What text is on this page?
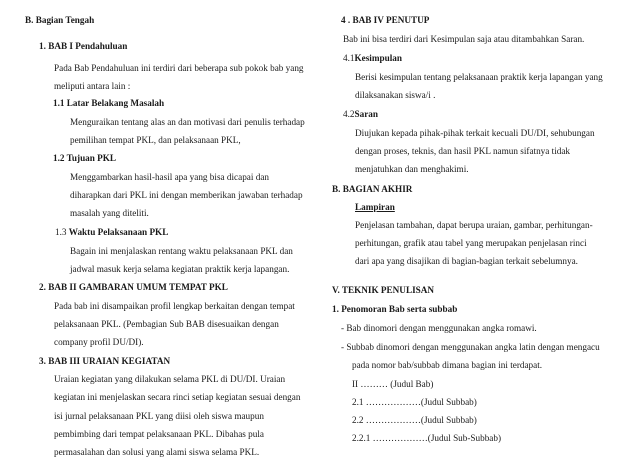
B. Bagian Tengah
1. BAB I Pendahuluan
Pada Bab Pendahuluan ini terdiri dari beberapa sub pokok bab yang
meliputi antara lain :
1.1 Latar Belakang Masalah
Menguraikan tentang alas an dan motivasi dari penulis terhadap
pemilihan tempat PKL, dan pelaksanaan PKL,
1.2 Tujuan PKL
Menggambarkan hasil-hasil apa yang bisa dicapai dan
diharapkan dari PKL ini dengan memberikan jawaban terhadap
masalah yang diteliti.
1.3 Waktu Pelaksanaan PKL
Bagain ini menjalaskan rentang waktu pelaksanaan PKL dan
jadwal masuk kerja selama kegiatan praktik kerja lapangan.
2. BAB II GAMBARAN UMUM TEMPAT PKL
Pada bab ini disampaikan profil lengkap berkaitan dengan tempat
pelaksanaan PKL. (Pembagian Sub BAB disesuaikan dengan
company profil DU/DI).
3. BAB III URAIAN KEGIATAN
Uraian kegiatan yang dilakukan selama PKL di DU/DI. Uraian
kegiatan ini menjelaskan secara rinci setiap kegiatan sesuai dengan
isi jurnal pelaksanaan PKL yang diisi oleh siswa maupun
pembimbing dari tempat pelaksanaan PKL. Dibahas pula
permasalahan dan solusi yang alami siswa selama PKL.
4 . BAB IV PENUTUP
Bab ini bisa terdiri dari Kesimpulan saja atau ditambahkan Saran.
4.1Kesimpulan
Berisi kesimpulan tentang pelaksanaan praktik kerja lapangan yang
dilaksanakan siswa/i .
4.2Saran
Diujukan kepada pihak-pihak terkait kecuali DU/DI, sehubungan
dengan proses, teknis, dan hasil PKL namun sifatnya tidak
menjatuhkan dan menghakimi.
B. BAGIAN AKHIR
Lampiran
Penjelasan tambahan, dapat berupa uraian, gambar, perhitungan-
perhitungan, grafik atau tabel yang merupakan penjelasan rinci
dari apa yang disajikan di bagian-bagian terkait sebelumnya.
V. TEKNIK PENULISAN
1. Penomoran Bab serta subbab
- Bab dinomori dengan menggunakan angka romawi.
- Subbab dinomori dengan menggunakan angka latin dengan mengacu
pada nomor bab/subbab dimana bagian ini terdapat.
II ……… (Judul Bab)
2.1 ………………(Judul Subbab)
2.2 ………………(Judul Subbab)
2.2.1 ………………(Judul Sub-Subbab)
